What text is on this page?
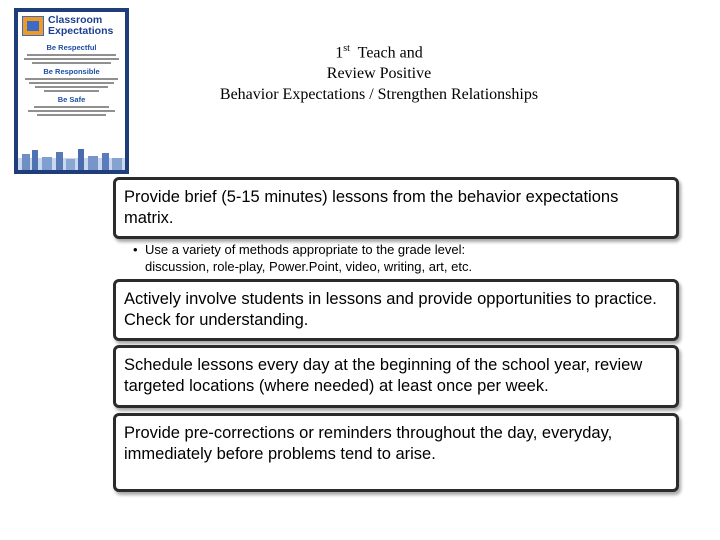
Classroom
Expectations
Be Respectful
Be Responsible
Be Safe
1st Teach and
Review Positive
Behavior Expectations / Strengthen Relationships
Provide brief (5-15 minutes) lessons from the behavior expectations matrix.
• Use a variety of methods appropriate to the grade level:
discussion, role-play, Power.Point, video, writing, art, etc.
Actively involve students in lessons and provide opportunities to practice. Check for understanding.
Schedule lessons every day at the beginning of the school year, review targeted locations (where needed) at least once per week.
Provide pre-corrections or reminders throughout the day, everyday, immediately before problems tend to arise.
